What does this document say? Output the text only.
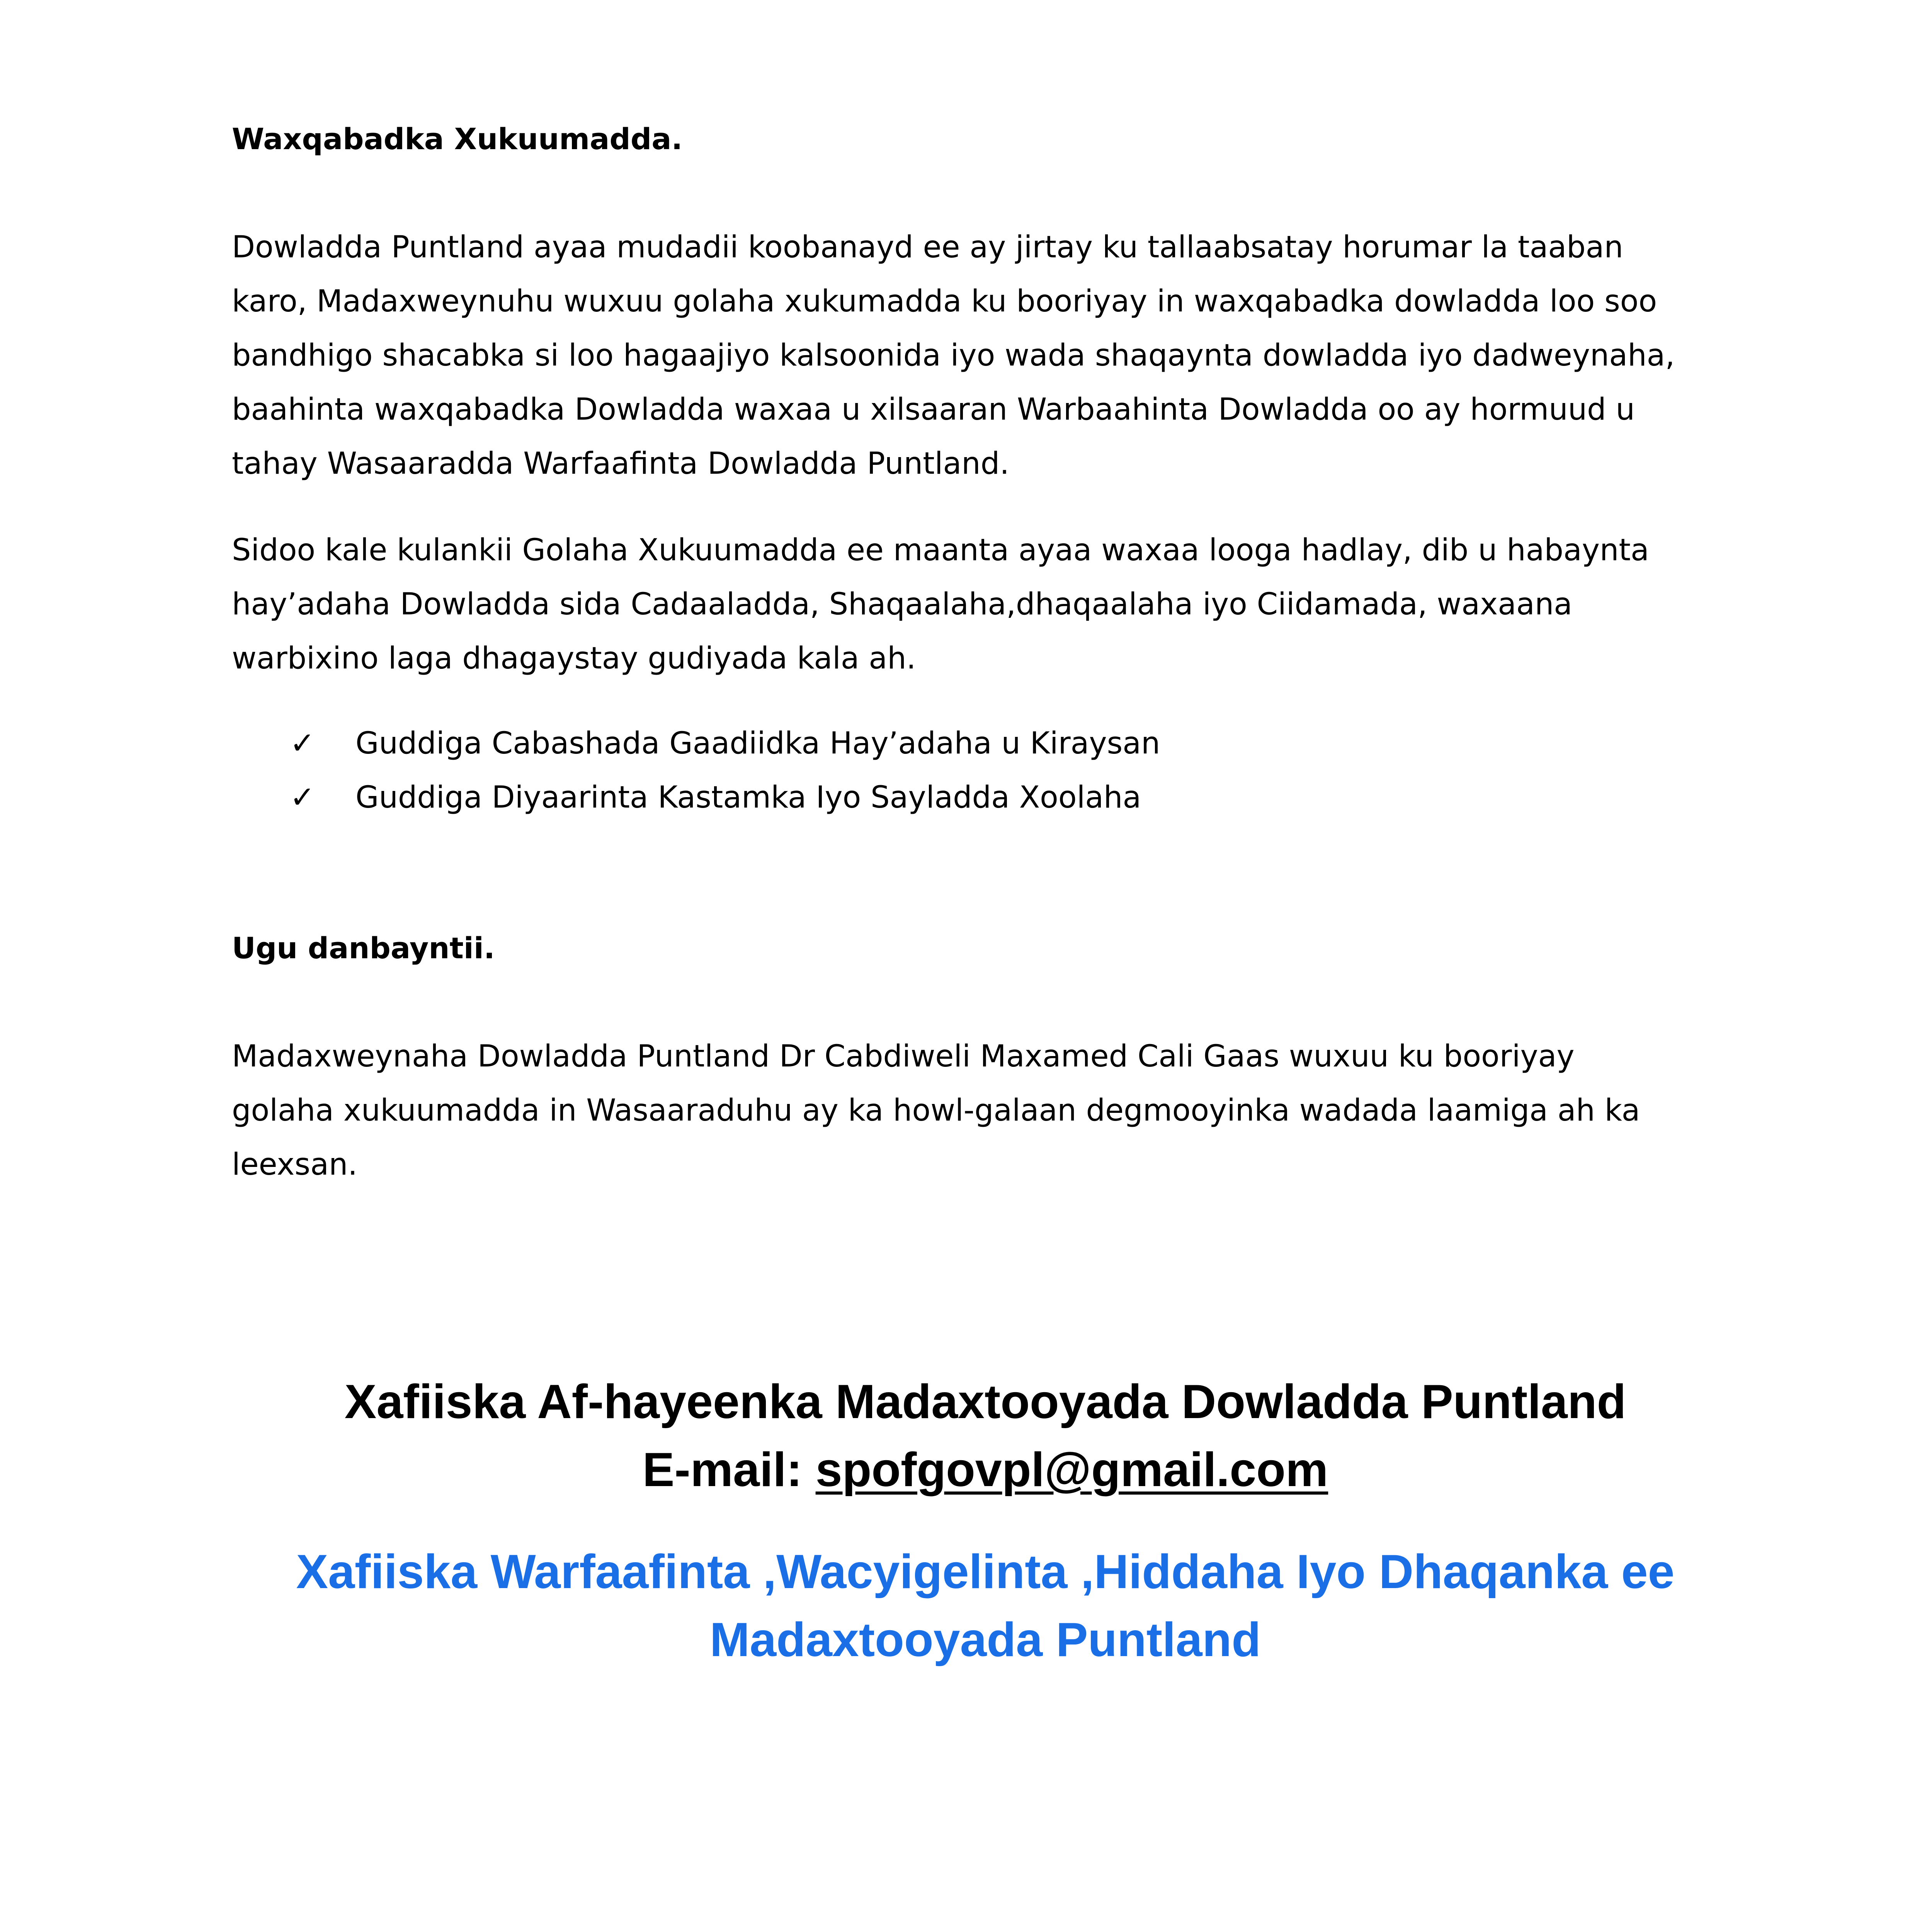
Waxqabadka Xukuumadda.

Dowladda Puntland ayaa mudadii koobanayd ee ay jirtay ku tallaabsatay horumar la taaban

karo, Madaxweynuhu wuxuu golaha xukumadda ku booriyay in waxqabadka dowladda loo soo

bandhigo shacabka si loo hagaajiyo kalsoonida iyo wada shaqaynta dowladda iyo dadweynaha,

baahinta waxqabadka Dowladda waxaa u xilsaaran Warbaahinta Dowladda oo ay hormuud u

tahay Wasaaradda Warfaafinta Dowladda Puntland.

Sidoo kale kulankii Golaha Xukuumadda ee maanta ayaa waxaa looga hadlay, dib u habaynta

hay’adaha Dowladda sida Cadaaladda, Shaqaalaha,dhaqaalaha iyo Ciidamada, waxaana

warbixino laga dhagaystay gudiyada kala ah.

✓ Guddiga Cabashada Gaadiidka Hay’adaha u Kiraysan
✓ Guddiga Diyaarinta Kastamka Iyo Sayladda Xoolaha

Ugu danbayntii.

Madaxweynaha Dowladda Puntland Dr Cabdiweli Maxamed Cali Gaas wuxuu ku booriyay

golaha xukuumadda in Wasaaraduhu ay ka howl-galaan degmooyinka wadada laamiga ah ka

leexsan.

Xafiiska Af-hayeenka Madaxtooyada Dowladda Puntland

E-mail: spofgovpl@gmail.com

Xafiiska Warfaafinta ,Wacyigelinta ,Hiddaha Iyo Dhaqanka ee

Madaxtooyada Puntland
